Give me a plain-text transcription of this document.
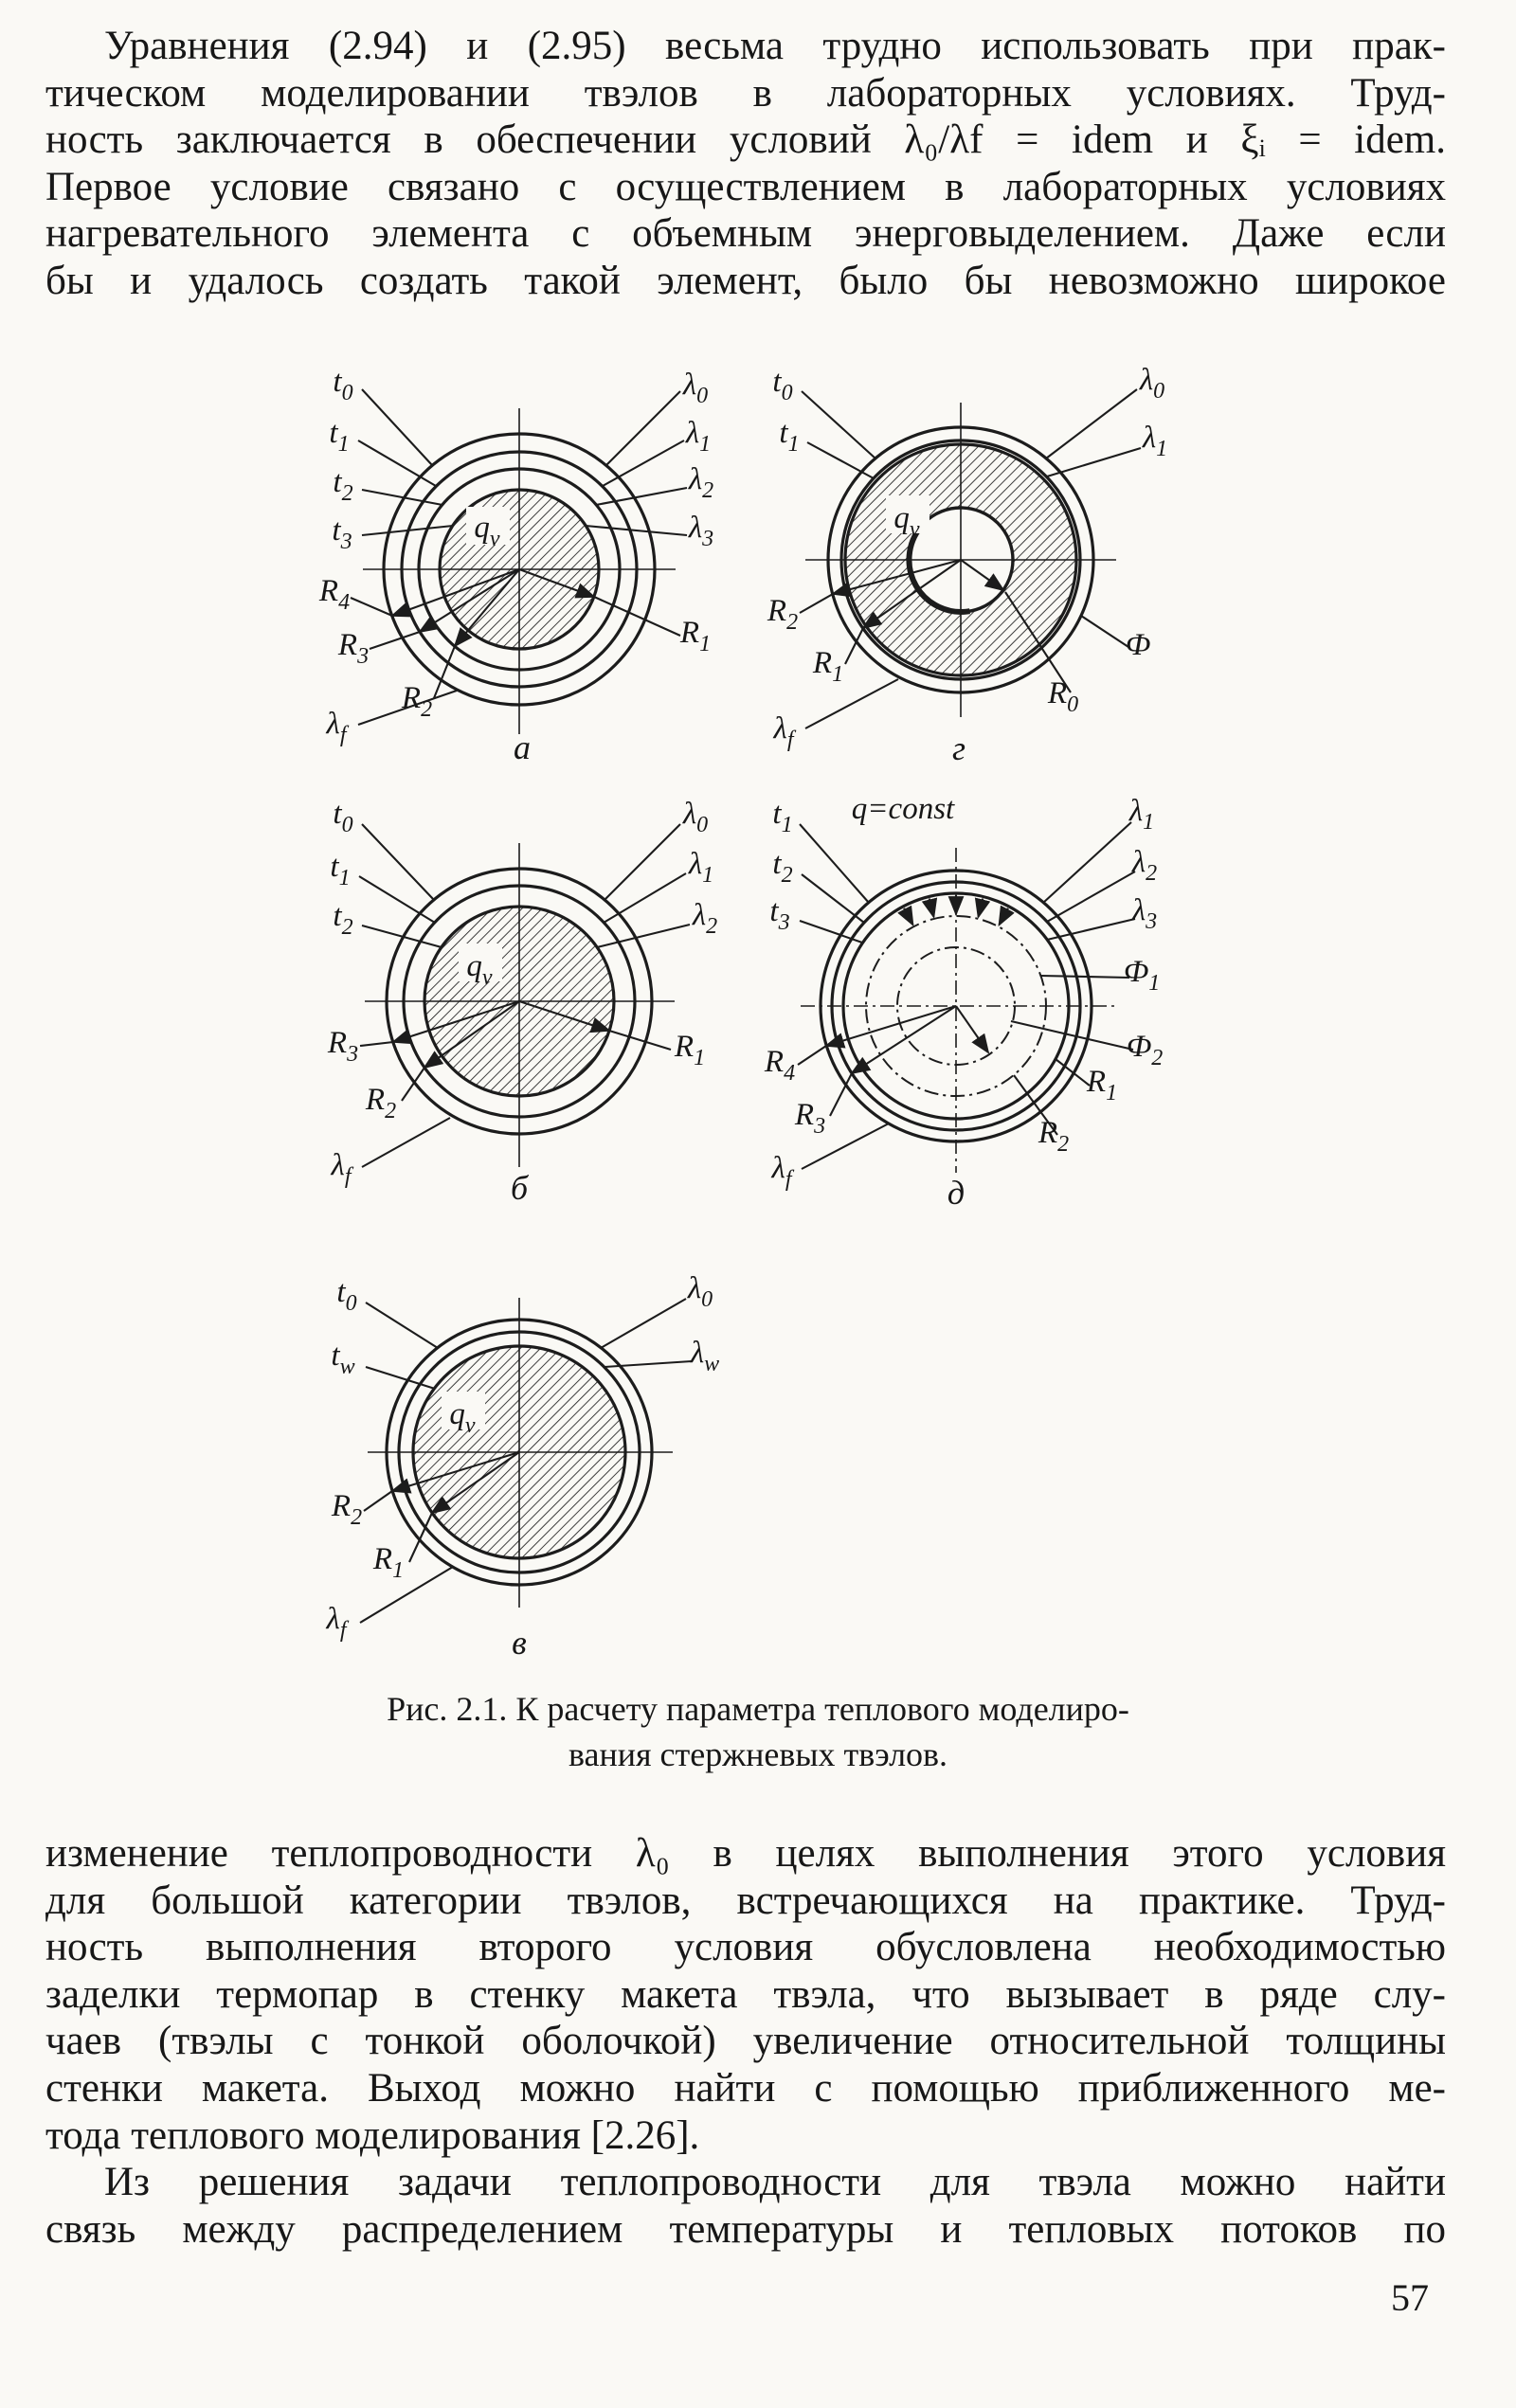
Уравнения (2.94) и (2.95) весьма трудно использовать при прак-
тическом моделировании твэлов в лабораторных условиях. Труд-
ность заключается в обеспечении условий λ₀/λf = idem и ξᵢ = idem.
Первое условие связано с осуществлением в лабораторных условиях
нагревательного элемента с объемным энерговыделением. Даже если
бы и удалось создать такой элемент, было бы невозможно широкое
$t_0$
$t_1$
$t_2$
$t_3$
$\lambda_0$
$\lambda_1$
$\lambda_2$
$\lambda_3$
$R_4$
$R_3$
$R_2$
$R_1$
$\lambda_f$
$q_v$
а
$t_0$
$t_1$
$\lambda_0$
$\lambda_1$
$R_2$
$R_1$
Ф
$R_0$
$\lambda_f$
$q_v$
г
$t_0$
$t_1$
$t_2$
$\lambda_0$
$\lambda_1$
$\lambda_2$
$R_3$
$R_2$
$R_1$
$\lambda_f$
$q_v$
б
$t_1$ q=const
$t_2$
$t_3$
$\lambda_1$
$\lambda_2$
$\lambda_3$
$Ф_1$
$Ф_2$
$R_4$
$R_3$
$R_1$
$R_2$
$\lambda_f$	д
$t_0$
$t_w$
$\lambda_0$
$\lambda_w$
$R_2$
$R_1$
$\lambda_f$
$q_v$
в
Рис. 2.1. К расчету параметра теплового моделиро-
вания стержневых твэлов.
изменение теплопроводности λ₀ в целях выполнения этого условия
для большой категории твэлов, встречающихся на практике. Труд-
ность выполнения второго условия обусловлена необходимостью
заделки термопар в стенку макета твэла, что вызывает в ряде слу-
чаев (твэлы с тонкой оболочкой) увеличение относительной толщины
стенки макета. Выход можно найти с помощью приближенного ме-
тода теплового моделирования [2.26].
Из решения задачи теплопроводности для твэла можно найти
связь между распределением температуры и тепловых потоков по
57
